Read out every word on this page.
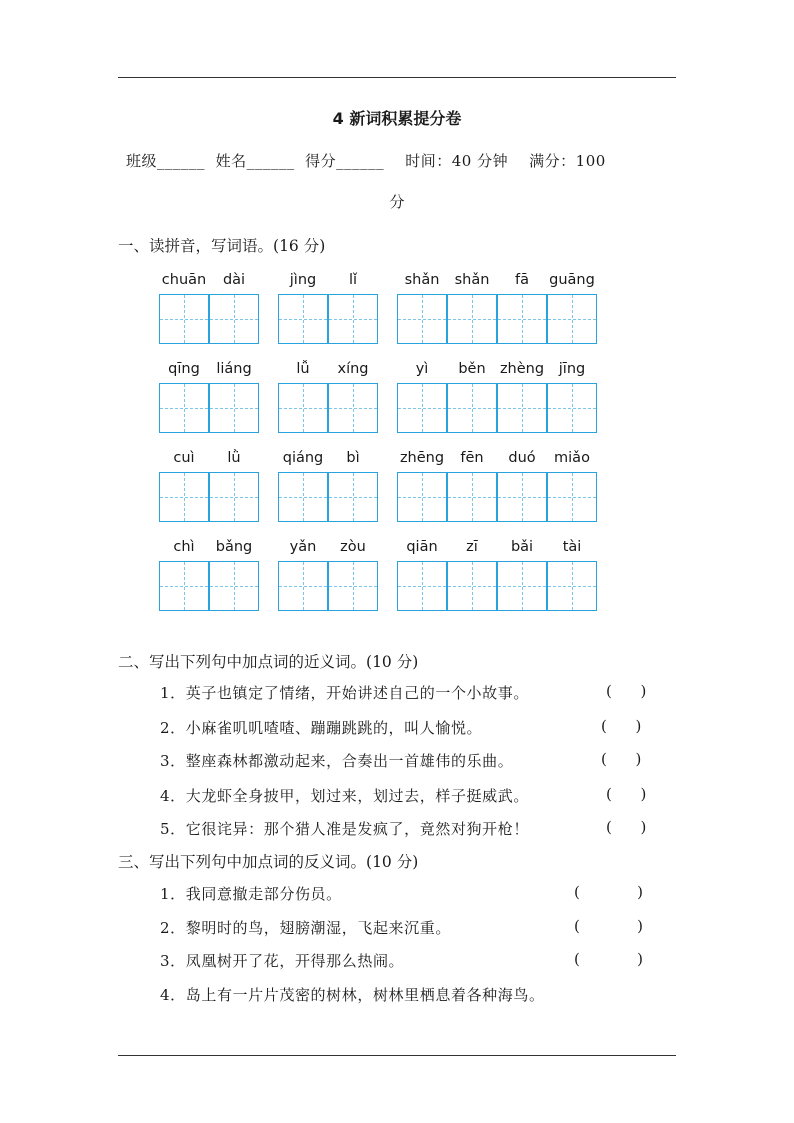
4 新词积累提分卷
班级______ 姓名______ 得分______ 时间：40 分钟 满分：100
分
一、读拼音，写词语。(16 分)
chuān	dài	jìng	lǐ	shǎn	shǎn	fā	guāng
qīng	liáng	lǚ	xíng	yì	běn zhèng	jīng
cuì	lǜ	qiáng	bì	zhēng	fēn	duó	miǎo
chì	bǎng	yǎn	zòu	qiān	zī	bǎi	tài
二、写出下列句中加点词的近义词。(10 分)
1．英子也镇定了情绪，开始讲述自己的一个小故事。	(      )
2．小麻雀叽叽喳喳、蹦蹦跳跳的，叫人愉悦。	(      )
3．整座森林都激动起来，合奏出一首雄伟的乐曲。	(      )
4．大龙虾全身披甲，划过来，划过去，样子挺威武。	(      )
5．它很诧异：那个猎人准是发疯了，竟然对狗开枪！	(      )
三、写出下列句中加点词的反义词。(10 分)
1．我同意撤走部分伤员。	(            )
2．黎明时的鸟，翅膀潮湿，飞起来沉重。	(            )
3．凤凰树开了花，开得那么热闹。	(            )
4．岛上有一片片茂密的树林，树林里栖息着各种海鸟。
